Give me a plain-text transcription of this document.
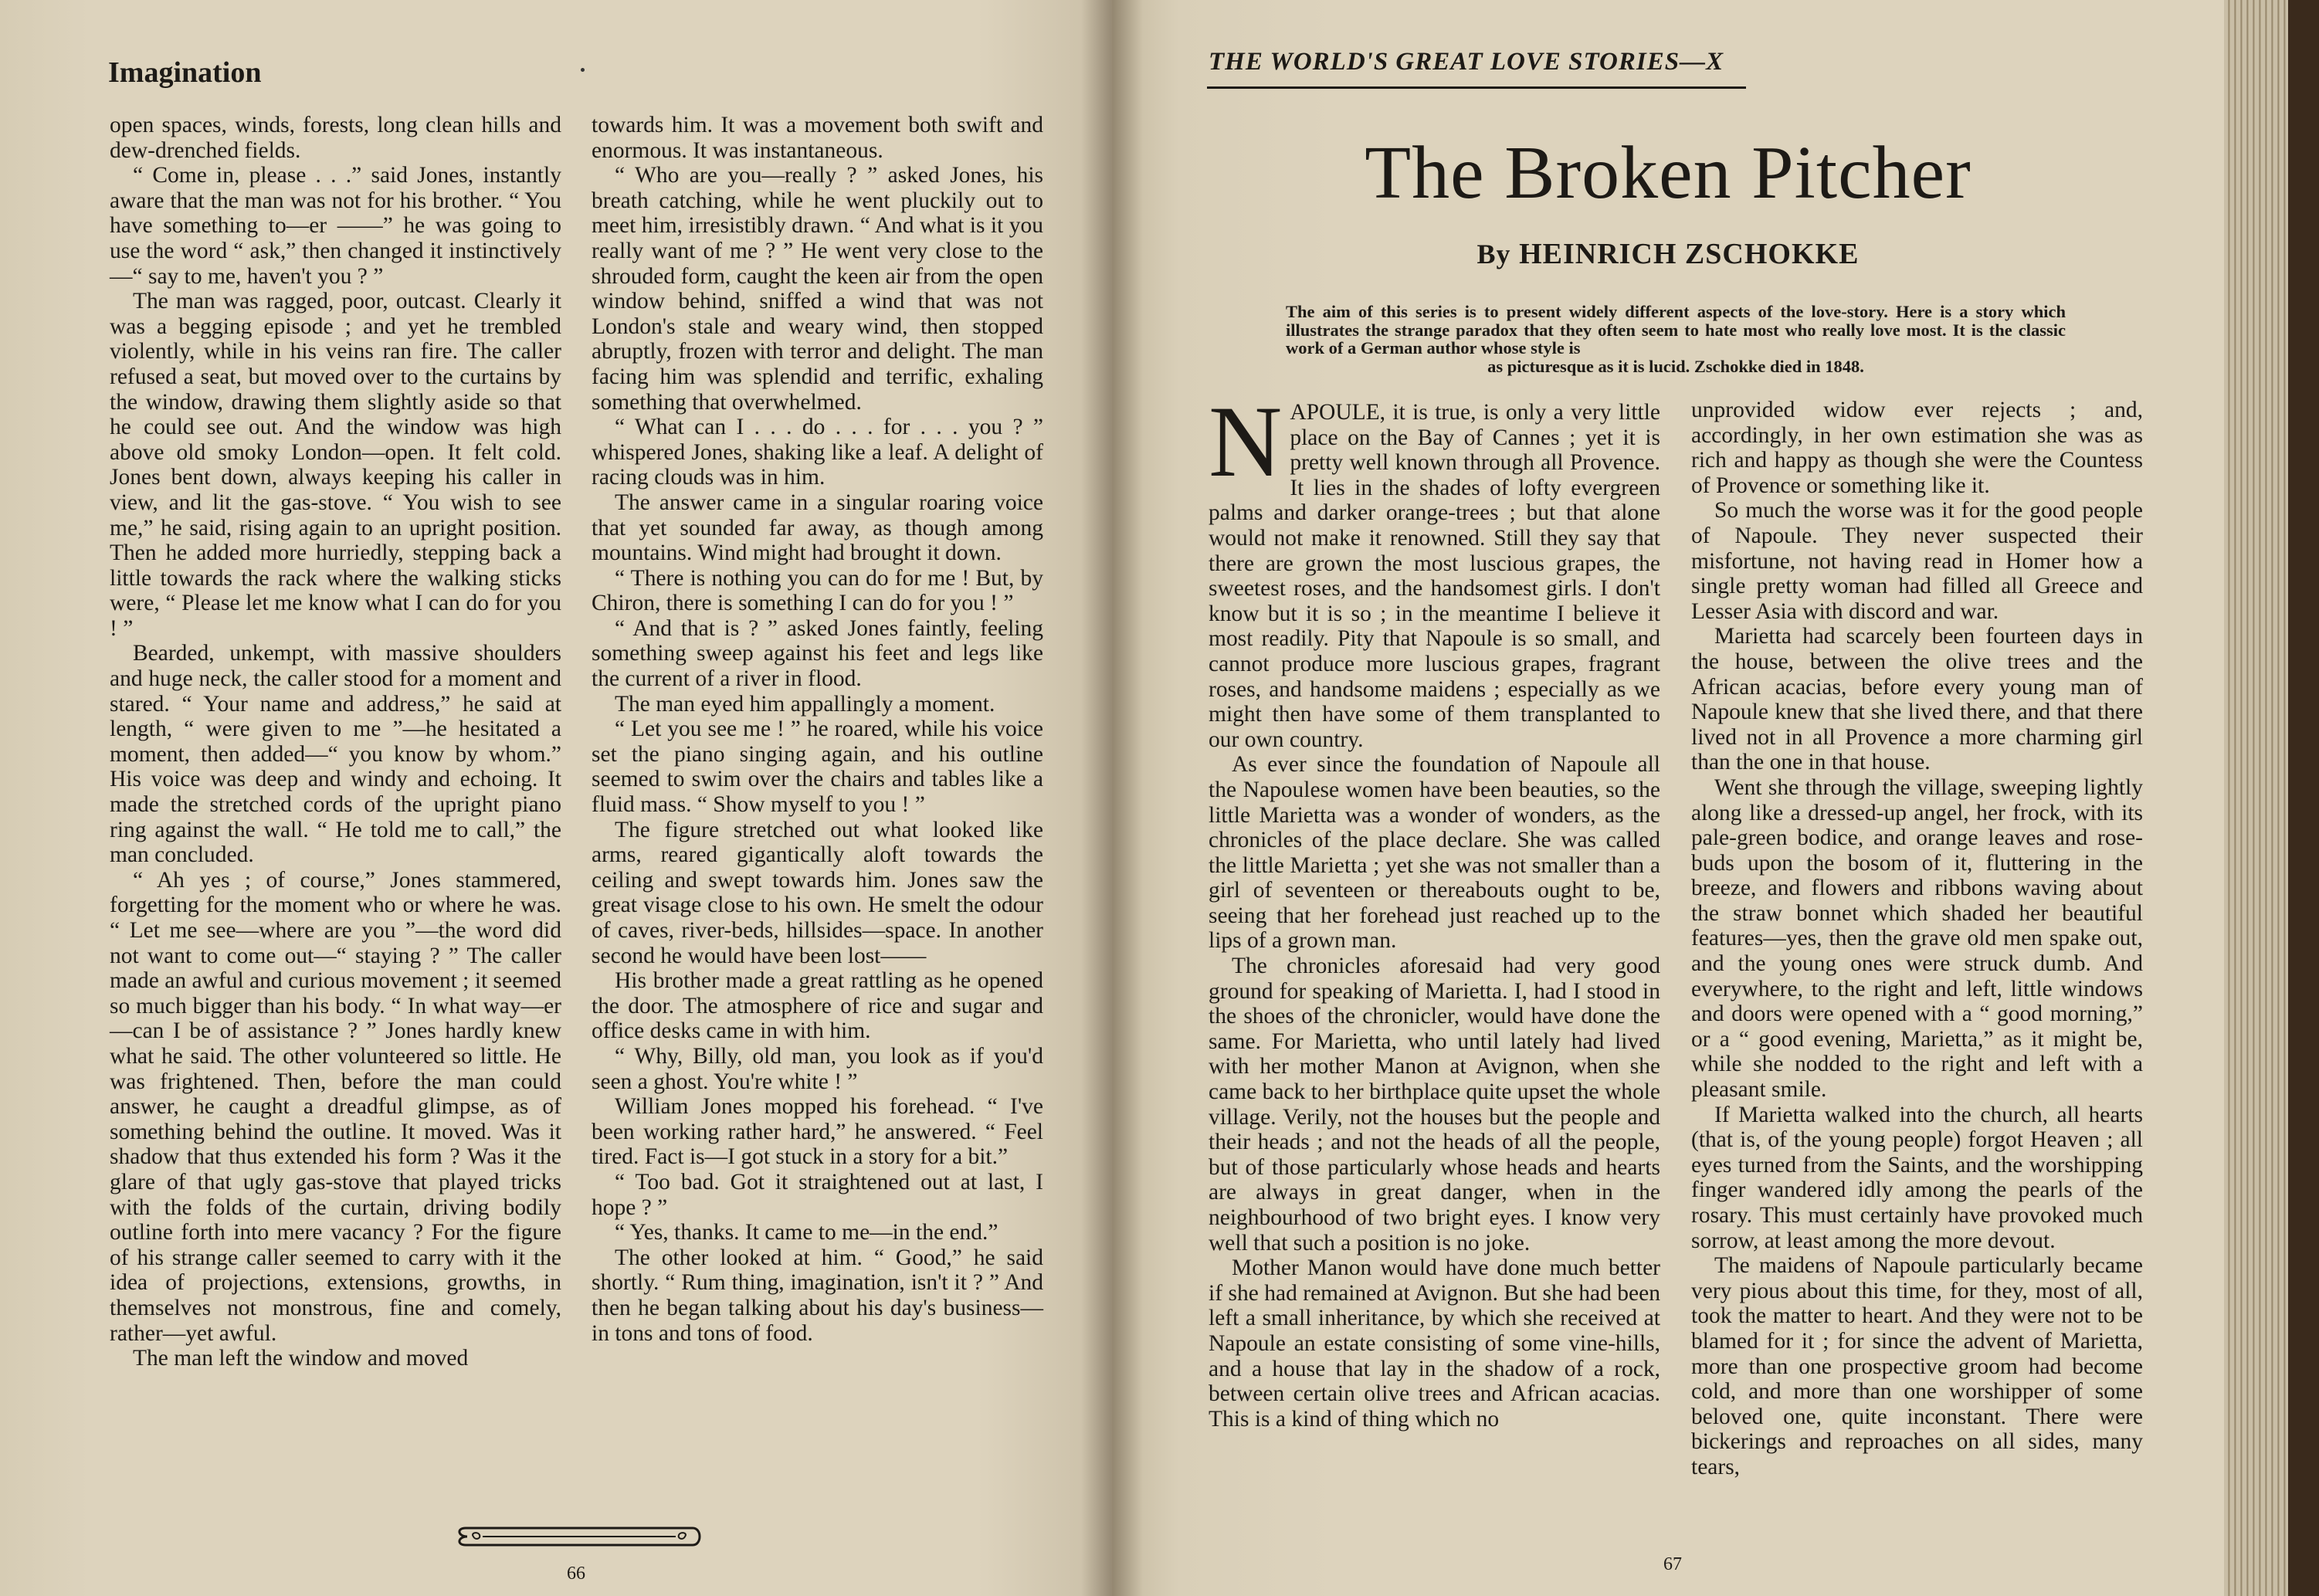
Imagination

open spaces, winds, forests, long clean hills and dew-drenched fields.

“ Come in, please . . .” said Jones, instantly aware that the man was not for his brother. “ You have something to—er ——” he was going to use the word “ ask,” then changed it instinctively—“ say to me, haven't you ? ”

The man was ragged, poor, outcast. Clearly it was a begging episode ; and yet he trembled violently, while in his veins ran fire. The caller refused a seat, but moved over to the curtains by the window, drawing them slightly aside so that he could see out. And the window was high above old smoky London—open. It felt cold. Jones bent down, always keeping his caller in view, and lit the gas-stove. “ You wish to see me,” he said, rising again to an upright position. Then he added more hurriedly, stepping back a little towards the rack where the walking sticks were, “ Please let me know what I can do for you ! ”

Bearded, unkempt, with massive shoulders and huge neck, the caller stood for a moment and stared. “ Your name and address,” he said at length, “ were given to me ”—he hesitated a moment, then added—“ you know by whom.” His voice was deep and windy and echoing. It made the stretched cords of the upright piano ring against the wall. “ He told me to call,” the man concluded.

“ Ah yes ; of course,” Jones stammered, forgetting for the moment who or where he was. “ Let me see—where are you ”—the word did not want to come out—“ staying ? ” The caller made an awful and curious movement ; it seemed so much bigger than his body. “ In what way—er —can I be of assistance ? ” Jones hardly knew what he said. The other volunteered so little. He was frightened. Then, before the man could answer, he caught a dreadful glimpse, as of something behind the outline. It moved. Was it shadow that thus extended his form ? Was it the glare of that ugly gas-stove that played tricks with the folds of the curtain, driving bodily outline forth into mere vacancy ? For the figure of his strange caller seemed to carry with it the idea of projections, extensions, growths, in themselves not monstrous, fine and comely, rather—yet awful.

The man left the window and moved

towards him. It was a movement both swift and enormous. It was instantaneous.

“ Who are you—really ? ” asked Jones, his breath catching, while he went pluckily out to meet him, irresistibly drawn. “ And what is it you really want of me ? ” He went very close to the shrouded form, caught the keen air from the open window behind, sniffed a wind that was not London's stale and weary wind, then stopped abruptly, frozen with terror and delight. The man facing him was splendid and terrific, exhaling something that overwhelmed.

“ What can I . . . do . . . for . . . you ? ” whispered Jones, shaking like a leaf. A delight of racing clouds was in him.

The answer came in a singular roaring voice that yet sounded far away, as though among mountains. Wind might had brought it down.

“ There is nothing you can do for me ! But, by Chiron, there is something I can do for you ! ”

“ And that is ? ” asked Jones faintly, feeling something sweep against his feet and legs like the current of a river in flood.

The man eyed him appallingly a moment.

“ Let you see me ! ” he roared, while his voice set the piano singing again, and his outline seemed to swim over the chairs and tables like a fluid mass. “ Show myself to you ! ”

The figure stretched out what looked like arms, reared gigantically aloft towards the ceiling and swept towards him. Jones saw the great visage close to his own. He smelt the odour of caves, river-beds, hillsides—space. In another second he would have been lost——

His brother made a great rattling as he opened the door. The atmosphere of rice and sugar and office desks came in with him.

“ Why, Billy, old man, you look as if you'd seen a ghost. You're white ! ”

William Jones mopped his forehead. “ I've been working rather hard,” he answered. “ Feel tired. Fact is—I got stuck in a story for a bit.”

“ Too bad. Got it straightened out at last, I hope ? ”

“ Yes, thanks. It came to me—in the end.”

The other looked at him. “ Good,” he said shortly. “ Rum thing, imagination, isn't it ? ” And then he began talking about his day's business—in tons and tons of food.

66
THE WORLD'S GREAT LOVE STORIES—X
The Broken Pitcher
By HEINRICH ZSCHOKKE
The aim of this series is to present widely different aspects of the love-story. Here is a story which illustrates the strange paradox that they often seem to hate most who really love most. It is the classic work of a German author whose style is
as picturesque as it is lucid. Zschokke died in 1848.

NAPOULE, it is true, is only a very little place on the Bay of Cannes ; yet it is pretty well known through all Provence. It lies in the shades of lofty evergreen palms and darker orange-trees ; but that alone would not make it renowned. Still they say that there are grown the most luscious grapes, the sweetest roses, and the handsomest girls. I don't know but it is so ; in the meantime I believe it most readily. Pity that Napoule is so small, and cannot produce more luscious grapes, fragrant roses, and handsome maidens ; especially as we might then have some of them transplanted to our own country.

As ever since the foundation of Napoule all the Napoulese women have been beauties, so the little Marietta was a wonder of wonders, as the chronicles of the place declare. She was called the little Marietta ; yet she was not smaller than a girl of seventeen or thereabouts ought to be, seeing that her forehead just reached up to the lips of a grown man.

The chronicles aforesaid had very good ground for speaking of Marietta. I, had I stood in the shoes of the chronicler, would have done the same. For Marietta, who until lately had lived with her mother Manon at Avignon, when she came back to her birthplace quite upset the whole village. Verily, not the houses but the people and their heads ; and not the heads of all the people, but of those particularly whose heads and hearts are always in great danger, when in the neighbourhood of two bright eyes. I know very well that such a position is no joke.

Mother Manon would have done much better if she had remained at Avignon. But she had been left a small inheritance, by which she received at Napoule an estate consisting of some vine-hills, and a house that lay in the shadow of a rock, between certain olive trees and African acacias. This is a kind of thing which no

unprovided widow ever rejects ; and, accordingly, in her own estimation she was as rich and happy as though she were the Countess of Provence or something like it.

So much the worse was it for the good people of Napoule. They never suspected their misfortune, not having read in Homer how a single pretty woman had filled all Greece and Lesser Asia with discord and war.

Marietta had scarcely been fourteen days in the house, between the olive trees and the African acacias, before every young man of Napoule knew that she lived there, and that there lived not in all Provence a more charming girl than the one in that house.

Went she through the village, sweeping lightly along like a dressed-up angel, her frock, with its pale-green bodice, and orange leaves and rose-buds upon the bosom of it, fluttering in the breeze, and flowers and ribbons waving about the straw bonnet which shaded her beautiful features—yes, then the grave old men spake out, and the young ones were struck dumb. And everywhere, to the right and left, little windows and doors were opened with a “ good morning,” or a “ good evening, Marietta,” as it might be, while she nodded to the right and left with a pleasant smile.

If Marietta walked into the church, all hearts (that is, of the young people) forgot Heaven ; all eyes turned from the Saints, and the worshipping finger wandered idly among the pearls of the rosary. This must certainly have provoked much sorrow, at least among the more devout.

The maidens of Napoule particularly became very pious about this time, for they, most of all, took the matter to heart. And they were not to be blamed for it ; for since the advent of Marietta, more than one prospective groom had become cold, and more than one worshipper of some beloved one, quite inconstant. There were bickerings and reproaches on all sides, many tears,

67
